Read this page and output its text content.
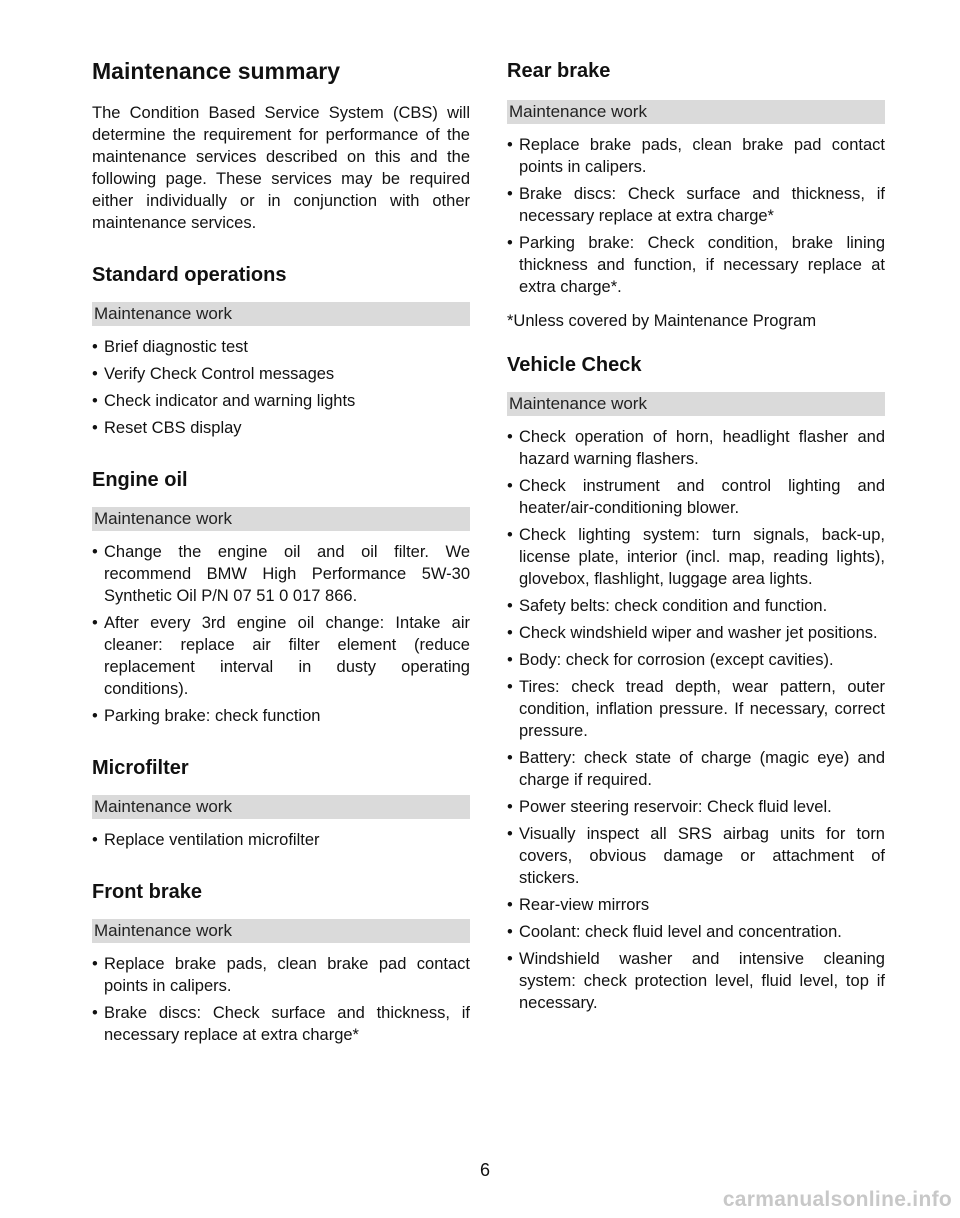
Maintenance summary

The Condition Based Service System (CBS) will determine the requirement for performance of the maintenance services described on this and the following page. These services may be required either individually or in conjunction with other maintenance services.

Standard operations
Maintenance work
• Brief diagnostic test
• Verify Check Control messages
• Check indicator and warning lights
• Reset CBS display
Engine oil
Maintenance work
• Change the engine oil and oil filter. We recommend BMW High Performance 5W-30 Synthetic Oil P/N 07 51 0 017 866.
• After every 3rd engine oil change: Intake air cleaner: replace air filter element (reduce replacement interval in dusty operating conditions).
• Parking brake: check function
Microfilter
Maintenance work
• Replace ventilation microfilter
Front brake
Maintenance work
• Replace brake pads, clean brake pad contact points in calipers.
• Brake discs: Check surface and thickness, if necessary replace at extra charge*
Rear brake
Maintenance work
• Replace brake pads, clean brake pad contact points in calipers.
• Brake discs: Check surface and thickness, if necessary replace at extra charge*
• Parking brake: Check condition, brake lining thickness and function, if necessary replace at extra charge*.

*Unless covered by Maintenance Program

Vehicle Check
Maintenance work
• Check operation of horn, headlight flasher and hazard warning flashers.
• Check instrument and control lighting and heater/air-conditioning blower.
• Check lighting system: turn signals, back-up, license plate, interior (incl. map, reading lights), glovebox, flashlight, luggage area lights.
• Safety belts: check condition and function.
• Check windshield wiper and washer jet positions.
• Body: check for corrosion (except cavities).
• Tires: check tread depth, wear pattern, outer condition, inflation pressure. If necessary, correct pressure.
• Battery: check state of charge (magic eye) and charge if required.
• Power steering reservoir: Check fluid level.
• Visually inspect all SRS airbag units for torn covers, obvious damage or attachment of stickers.
• Rear-view mirrors
• Coolant: check fluid level and concentration.
• Windshield washer and intensive cleaning system: check protection level, fluid level, top if necessary.
6
carmanualsonline.info
